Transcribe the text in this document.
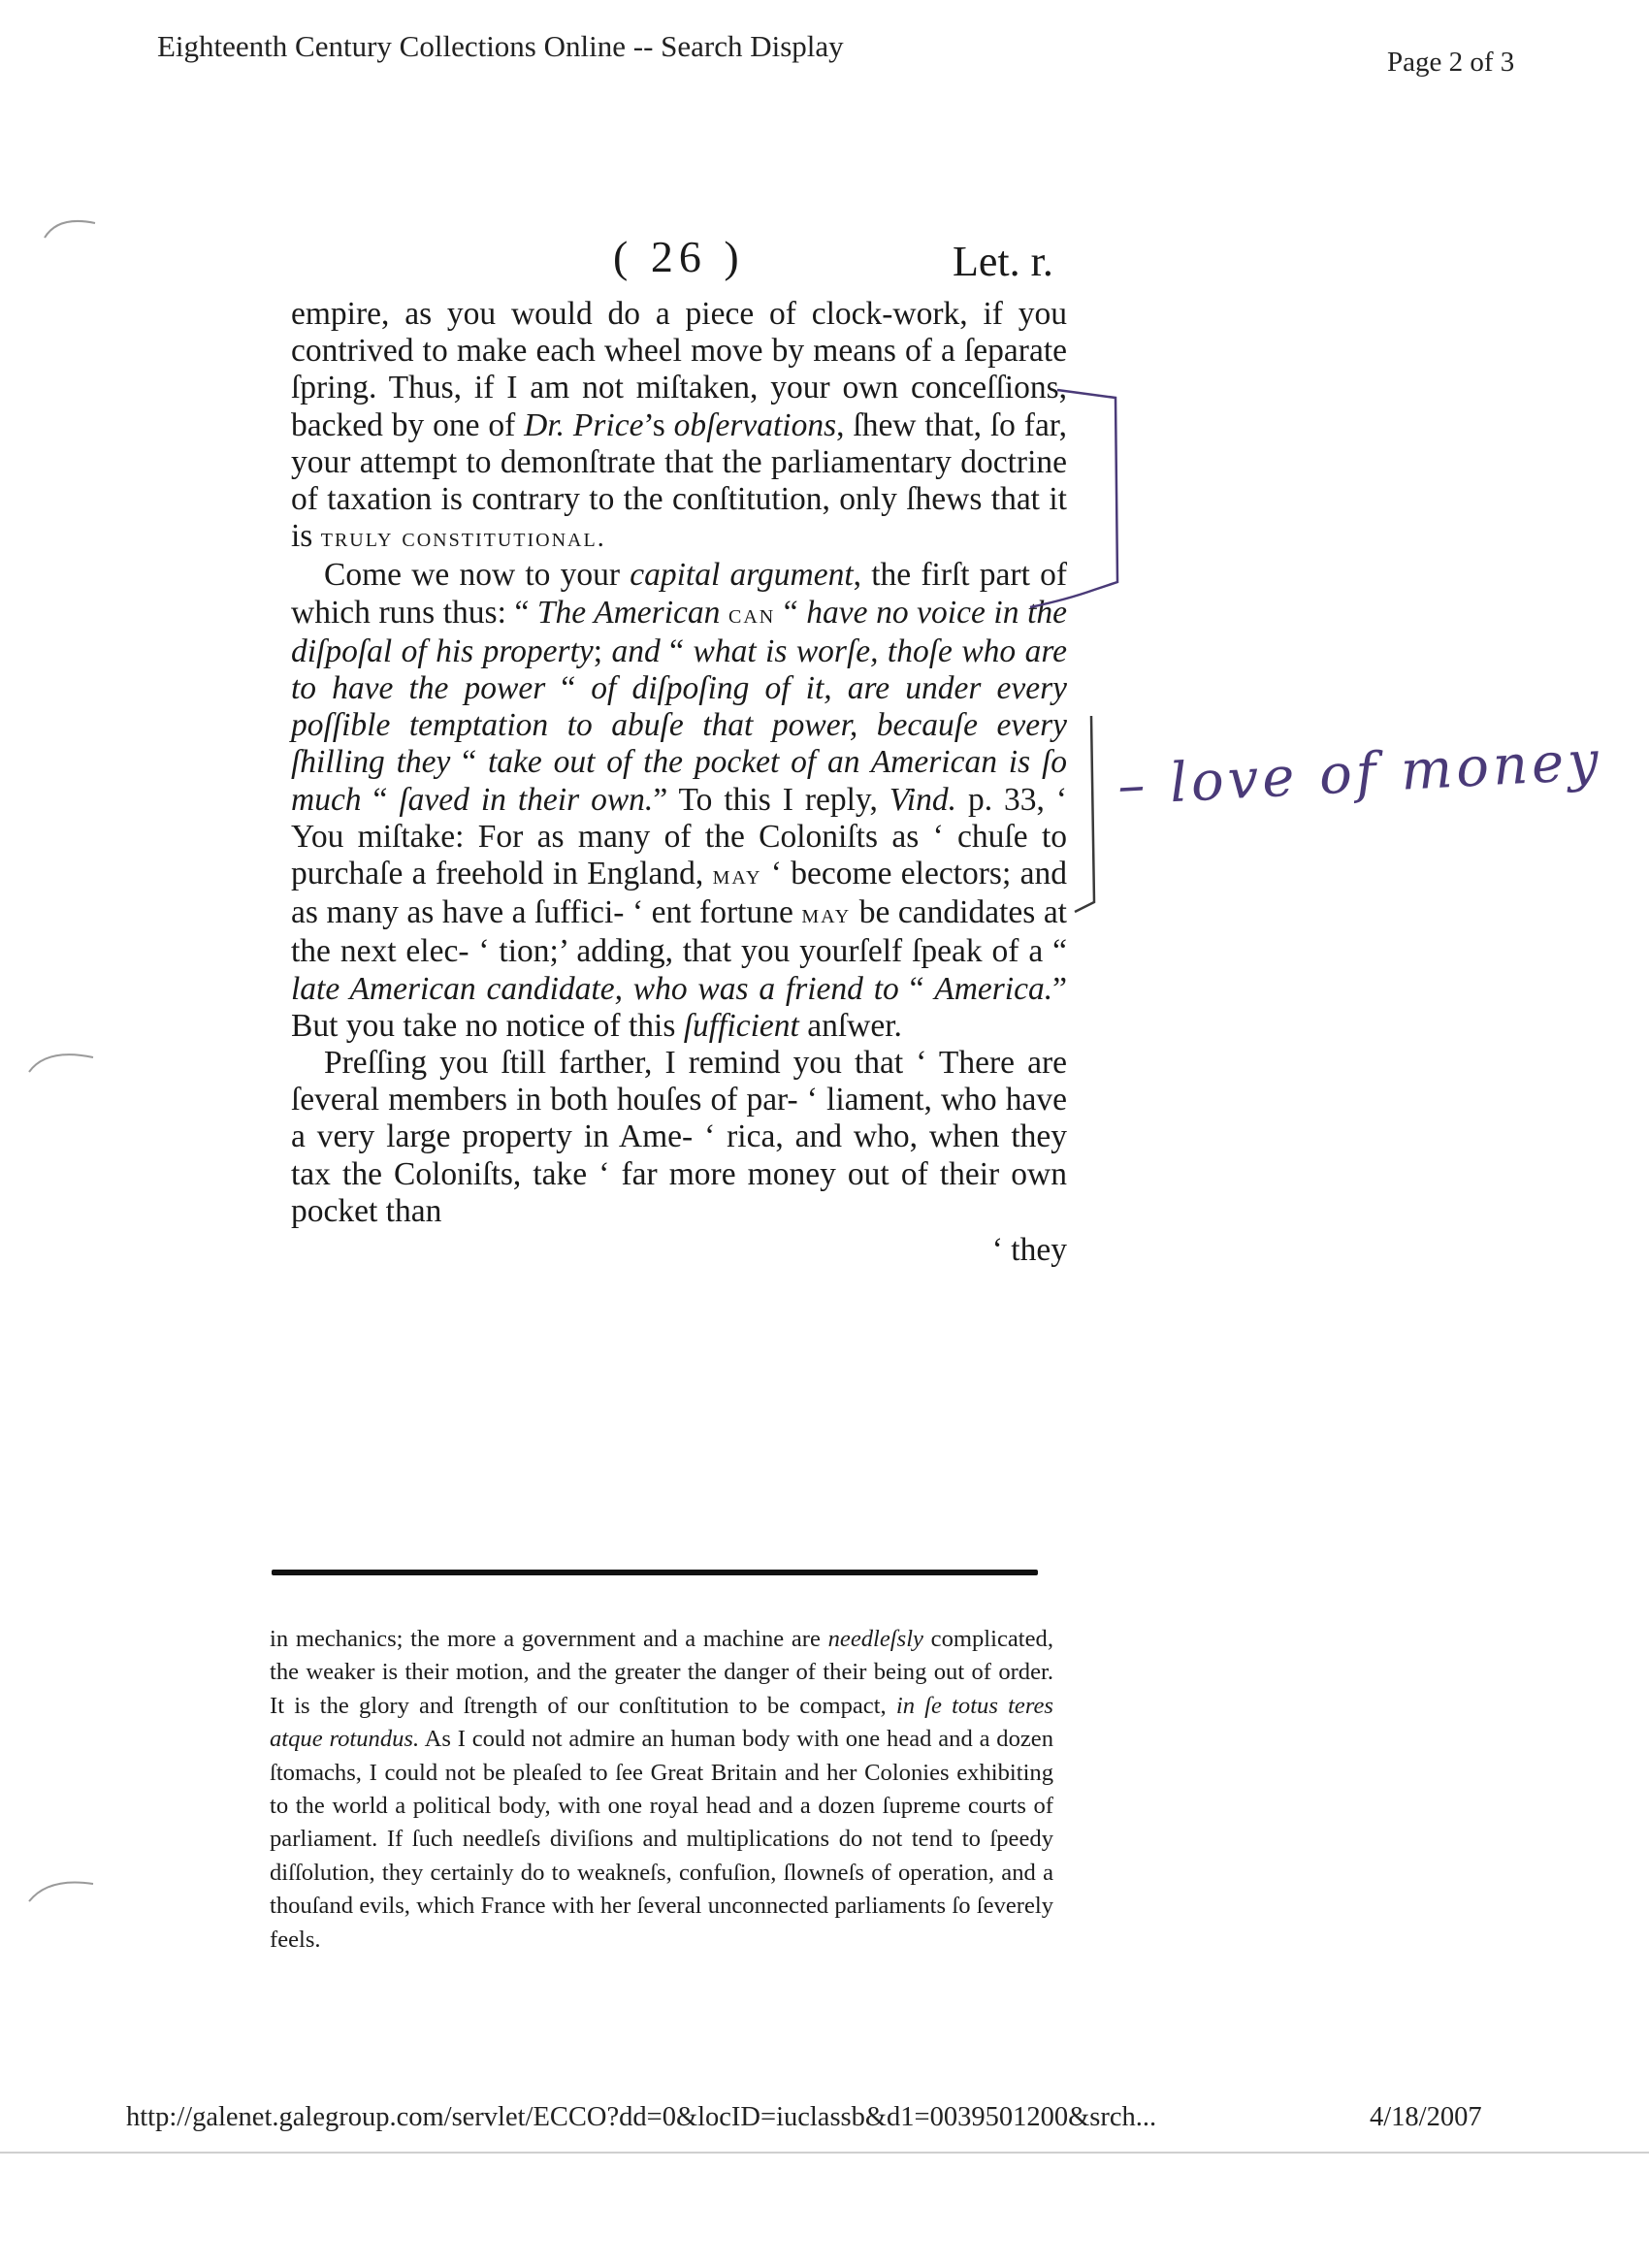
Eighteenth Century Collections Online -- Search Display	Page 2 of 3
( 26 )	Let. r.

empire, as you would do a piece of clock-work, if you contrived to make each wheel move by means of a ſeparate ſpring. Thus, if I am not miſtaken, your own conceſſions, backed by one of Dr. Price’s obſervations, ſhew that, ſo far, your attempt to demonſtrate that the parliamentary doctrine of taxation is contrary to the conſtitution, only ſhews that it is truly constitutional.

Come we now to your capital argument, the firſt part of which runs thus: “ The American can “ have no voice in the diſpoſal of his property; and “ what is worſe, thoſe who are to have the power “ of diſpoſing of it, are under every poſſible temptation to abuſe that power, becauſe every ſhilling they “ take out of the pocket of an American is ſo much “ ſaved in their own.” To this I reply, Vind. p. 33, ‘ You miſtake: For as many of the Coloniſts as ‘ chuſe to purchaſe a freehold in England, may ‘ become electors; and as many as have a ſuffici- ‘ ent fortune may be candidates at the next elec- ‘ tion;’ adding, that you yourſelf ſpeak of a “ late American candidate, who was a friend to “ America.” But you take no notice of this ſufficient anſwer.

Preſſing you ſtill farther, I remind you that ‘ There are ſeveral members in both houſes of par- ‘ liament, who have a very large property in Ame- ‘ rica, and who, when they tax the Coloniſts, take ‘ far more money out of their own pocket than

‘ they

in mechanics; the more a government and a machine are needleſsly complicated, the weaker is their motion, and the greater the danger of their being out of order. It is the glory and ſtrength of our conſtitution to be compact, in ſe totus teres atque rotundus. As I could not admire an human body with one head and a dozen ſtomachs, I could not be pleaſed to ſee Great Britain and her Colonies exhibiting to the world a political body, with one royal head and a dozen ſupreme courts of parliament. If ſuch needleſs diviſions and multiplications do not tend to ſpeedy diſſolution, they certainly do to weakneſs, confuſion, ſlowneſs of operation, and a thouſand evils, which France with her ſeveral unconnected parliaments ſo ſeverely feels.
– love of money
http://galenet.galegroup.com/servlet/ECCO?dd=0&locID=iuclassb&d1=0039501200&srch...	4/18/2007
